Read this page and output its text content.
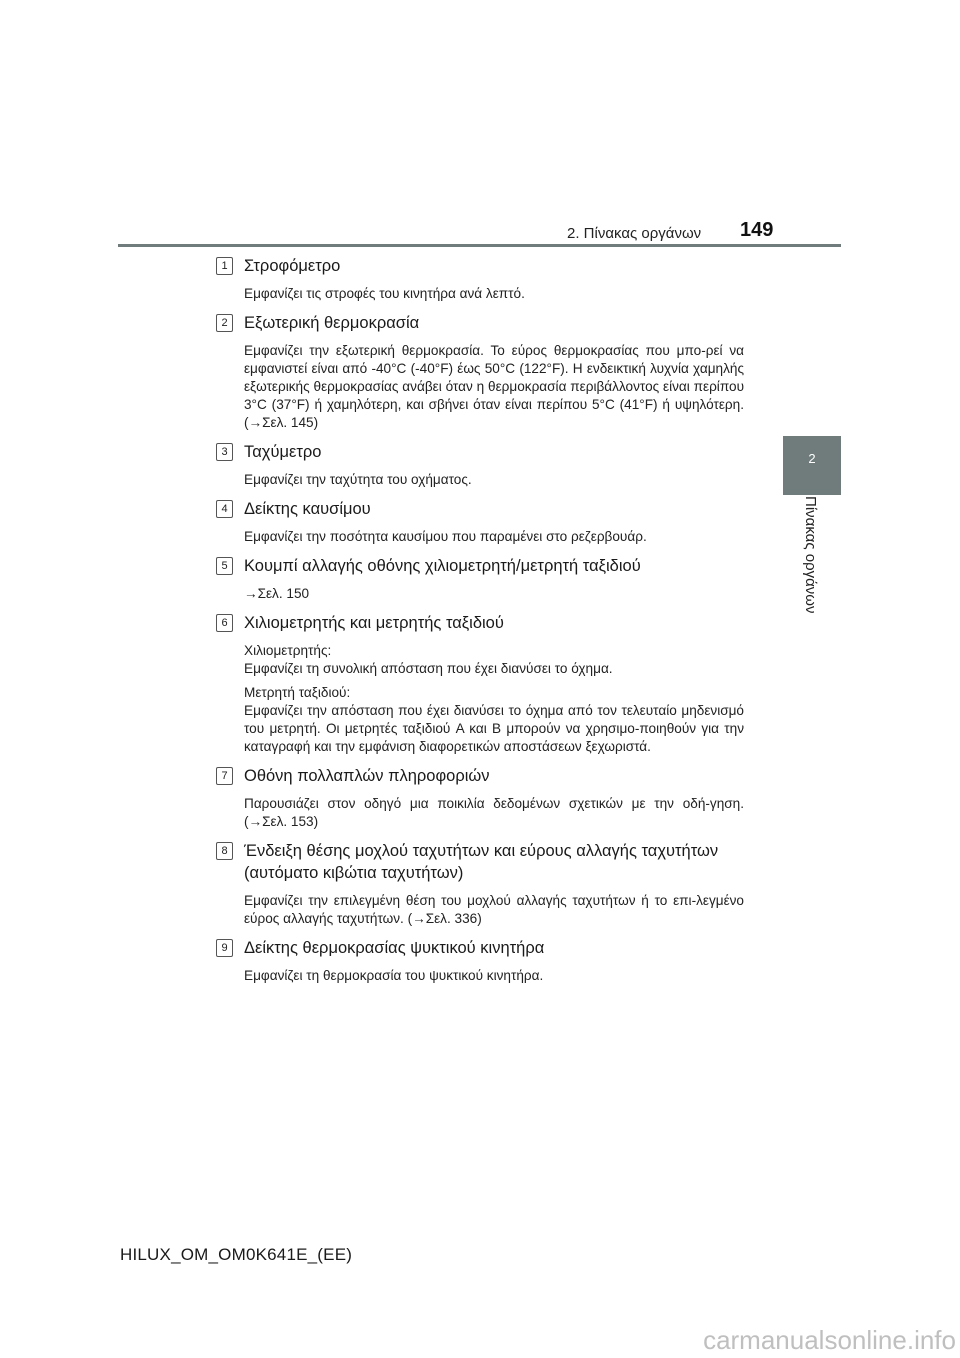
2. Πίνακας οργάνων 149
2
Πίνακας οργάνων
1 Στροφόμετρο
Εμφανίζει τις στροφές του κινητήρα ανά λεπτό.
2 Εξωτερική θερμοκρασία
Εμφανίζει την εξωτερική θερμοκρασία. Το εύρος θερμοκρασίας που μπο-ρεί να εμφανιστεί είναι από -40°C (-40°F) έως 50°C (122°F). Η ενδεικτική λυχνία χαμηλής εξωτερικής θερμοκρασίας ανάβει όταν η θερμοκρασία περιβάλλοντος είναι περίπου 3°C (37°F) ή χαμηλότερη, και σβήνει όταν είναι περίπου 5°C (41°F) ή υψηλότερη. (→Σελ. 145)
3 Ταχύμετρο
Εμφανίζει την ταχύτητα του οχήματος.
4 Δείκτης καυσίμου
Εμφανίζει την ποσότητα καυσίμου που παραμένει στο ρεζερβουάρ.
5 Κουμπί αλλαγής οθόνης χιλιομετρητή/μετρητή ταξιδιού
→Σελ. 150
6 Χιλιομετρητής και μετρητής ταξιδιού
Χιλιομετρητής:
Εμφανίζει τη συνολική απόσταση που έχει διανύσει το όχημα.
Μετρητή ταξιδιού:
Εμφανίζει την απόσταση που έχει διανύσει το όχημα από τον τελευταίο μηδενισμό του μετρητή. Οι μετρητές ταξιδιού A και B μπορούν να χρησιμο-ποιηθούν για την καταγραφή και την εμφάνιση διαφορετικών αποστάσεων ξεχωριστά.
7 Οθόνη πολλαπλών πληροφοριών
Παρουσιάζει στον οδηγό μια ποικιλία δεδομένων σχετικών με την οδή-γηση. (→Σελ. 153)
8 Ένδειξη θέσης μοχλού ταχυτήτων και εύρους αλλαγής ταχυτήτων (αυτόματο κιβώτια ταχυτήτων)
Εμφανίζει την επιλεγμένη θέση του μοχλού αλλαγής ταχυτήτων ή το επι-λεγμένο εύρος αλλαγής ταχυτήτων. (→Σελ. 336)
9 Δείκτης θερμοκρασίας ψυκτικού κινητήρα
Εμφανίζει τη θερμοκρασία του ψυκτικού κινητήρα.
HILUX_OM_OM0K641E_(EE)
carmanualsonline.info
